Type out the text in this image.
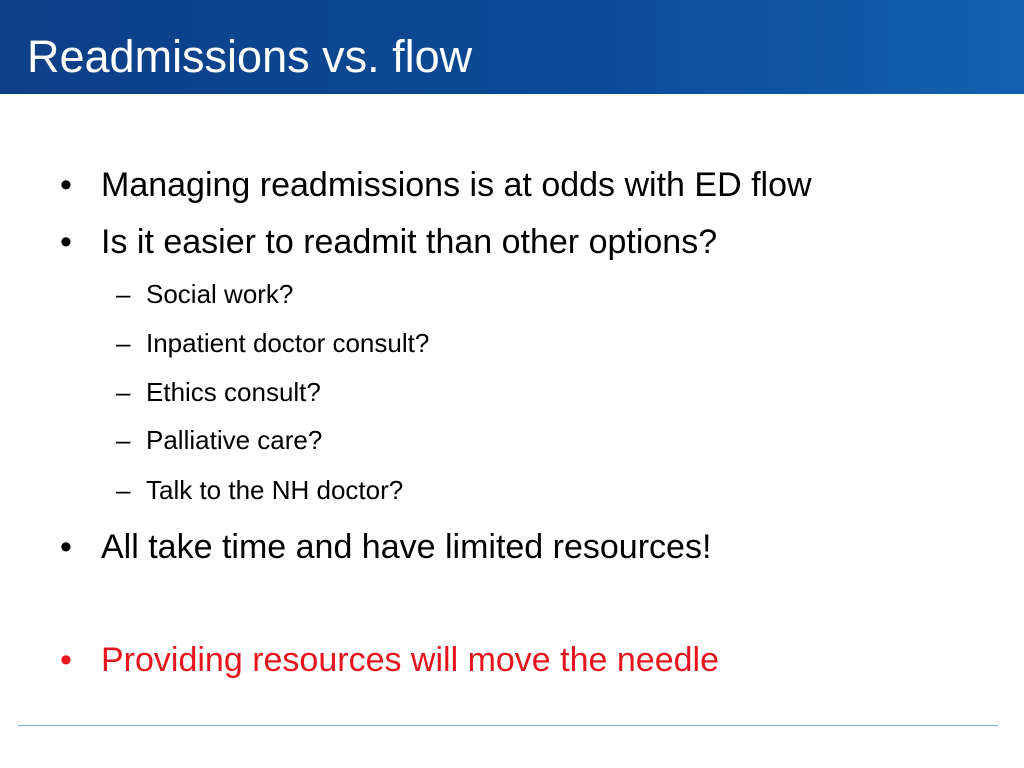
Readmissions vs. flow
• Managing readmissions is at odds with ED flow
• Is it easier to readmit than other options?
– Social work?
– Inpatient doctor consult?
– Ethics consult?
– Palliative care?
– Talk to the NH doctor?
• All take time and have limited resources!
• Providing resources will move the needle
